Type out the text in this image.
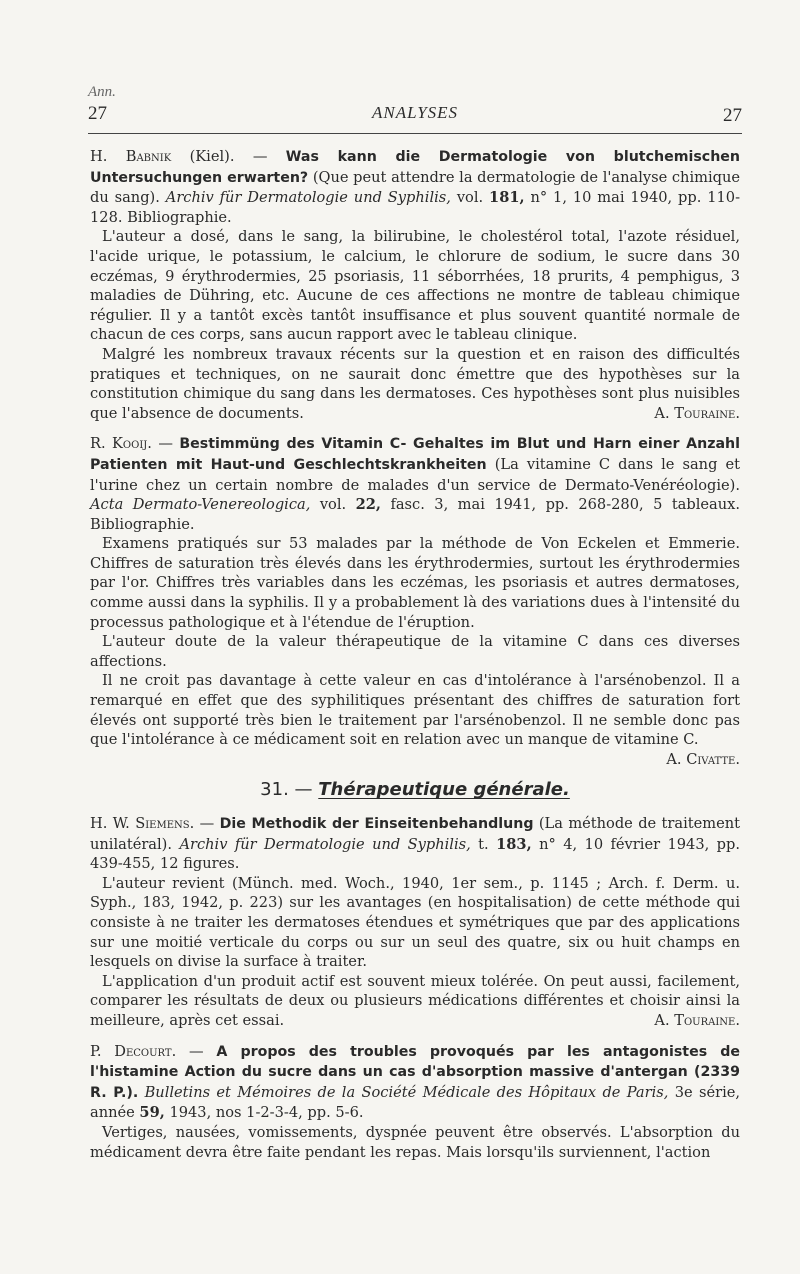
Ann.
27	ANALYSES	27

H. Babnik (Kiel). — Was kann die Dermatologie von blutchemischen Untersuchungen erwarten? (Que peut attendre la dermatologie de l'analyse chimique du sang). Archiv für Dermatologie und Syphilis, vol. 181, n° 1, 10 mai 1940, pp. 110-128. Bibliographie.

L'auteur a dosé, dans le sang, la bilirubine, le cholestérol total, l'azote résiduel, l'acide urique, le potassium, le calcium, le chlorure de sodium, le sucre dans 30 eczémas, 9 érythrodermies, 25 psoriasis, 11 séborrhées, 18 prurits, 4 pemphigus, 3 maladies de Dühring, etc. Aucune de ces affections ne montre de tableau chimique régulier. Il y a tantôt excès tantôt insuffisance et plus souvent quantité normale de chacun de ces corps, sans aucun rapport avec le tableau clinique.

Malgré les nombreux travaux récents sur la question et en raison des difficultés pratiques et techniques, on ne saurait donc émettre que des hypothèses sur la constitution chimique du sang dans les dermatoses. Ces hypothèses sont plus nuisibles que l'absence de documents.	A. Touraine.

R. Kooij. — Bestimmüng des Vitamin C- Gehaltes im Blut und Harn einer Anzahl Patienten mit Haut-und Geschlechtskrankheiten (La vitamine C dans le sang et l'urine chez un certain nombre de malades d'un service de Dermato-Venéréologie). Acta Dermato-Venereologica, vol. 22, fasc. 3, mai 1941, pp. 268-280, 5 tableaux. Bibliographie.

Examens pratiqués sur 53 malades par la méthode de Von Eckelen et Emmerie. Chiffres de saturation très élevés dans les érythrodermies, surtout les érythrodermies par l'or. Chiffres très variables dans les eczémas, les psoriasis et autres dermatoses, comme aussi dans la syphilis. Il y a probablement là des variations dues à l'intensité du processus pathologique et à l'étendue de l'éruption.

L'auteur doute de la valeur thérapeutique de la vitamine C dans ces diverses affections.

Il ne croit pas davantage à cette valeur en cas d'intolérance à l'arsénobenzol. Il a remarqué en effet que des syphilitiques présentant des chiffres de saturation fort élevés ont supporté très bien le traitement par l'arsénobenzol. Il ne semble donc pas que l'intolérance à ce médicament soit en relation avec un manque de vitamine C.
A. Civatte.

31. — Thérapeutique générale.

H. W. Siemens. — Die Methodik der Einseitenbehandlung (La méthode de traitement unilatéral). Archiv für Dermatologie und Syphilis, t. 183, n° 4, 10 février 1943, pp. 439-455, 12 figures.

L'auteur revient (Münch. med. Woch., 1940, 1er sem., p. 1145 ; Arch. f. Derm. u. Syph., 183, 1942, p. 223) sur les avantages (en hospitalisation) de cette méthode qui consiste à ne traiter les dermatoses étendues et symétriques que par des applications sur une moitié verticale du corps ou sur un seul des quatre, six ou huit champs en lesquels on divise la surface à traiter.

L'application d'un produit actif est souvent mieux tolérée. On peut aussi, facilement, comparer les résultats de deux ou plusieurs médications différentes et choisir ainsi la meilleure, après cet essai.	A. Touraine.

P. Decourt. — A propos des troubles provoqués par les antagonistes de l'histamine Action du sucre dans un cas d'absorption massive d'antergan (2339 R. P.). Bulletins et Mémoires de la Société Médicale des Hôpitaux de Paris, 3e série, année 59, 1943, nos 1-2-3-4, pp. 5-6.

Vertiges, nausées, vomissements, dyspnée peuvent être observés. L'absorption du médicament devra être faite pendant les repas. Mais lorsqu'ils surviennent, l'action
